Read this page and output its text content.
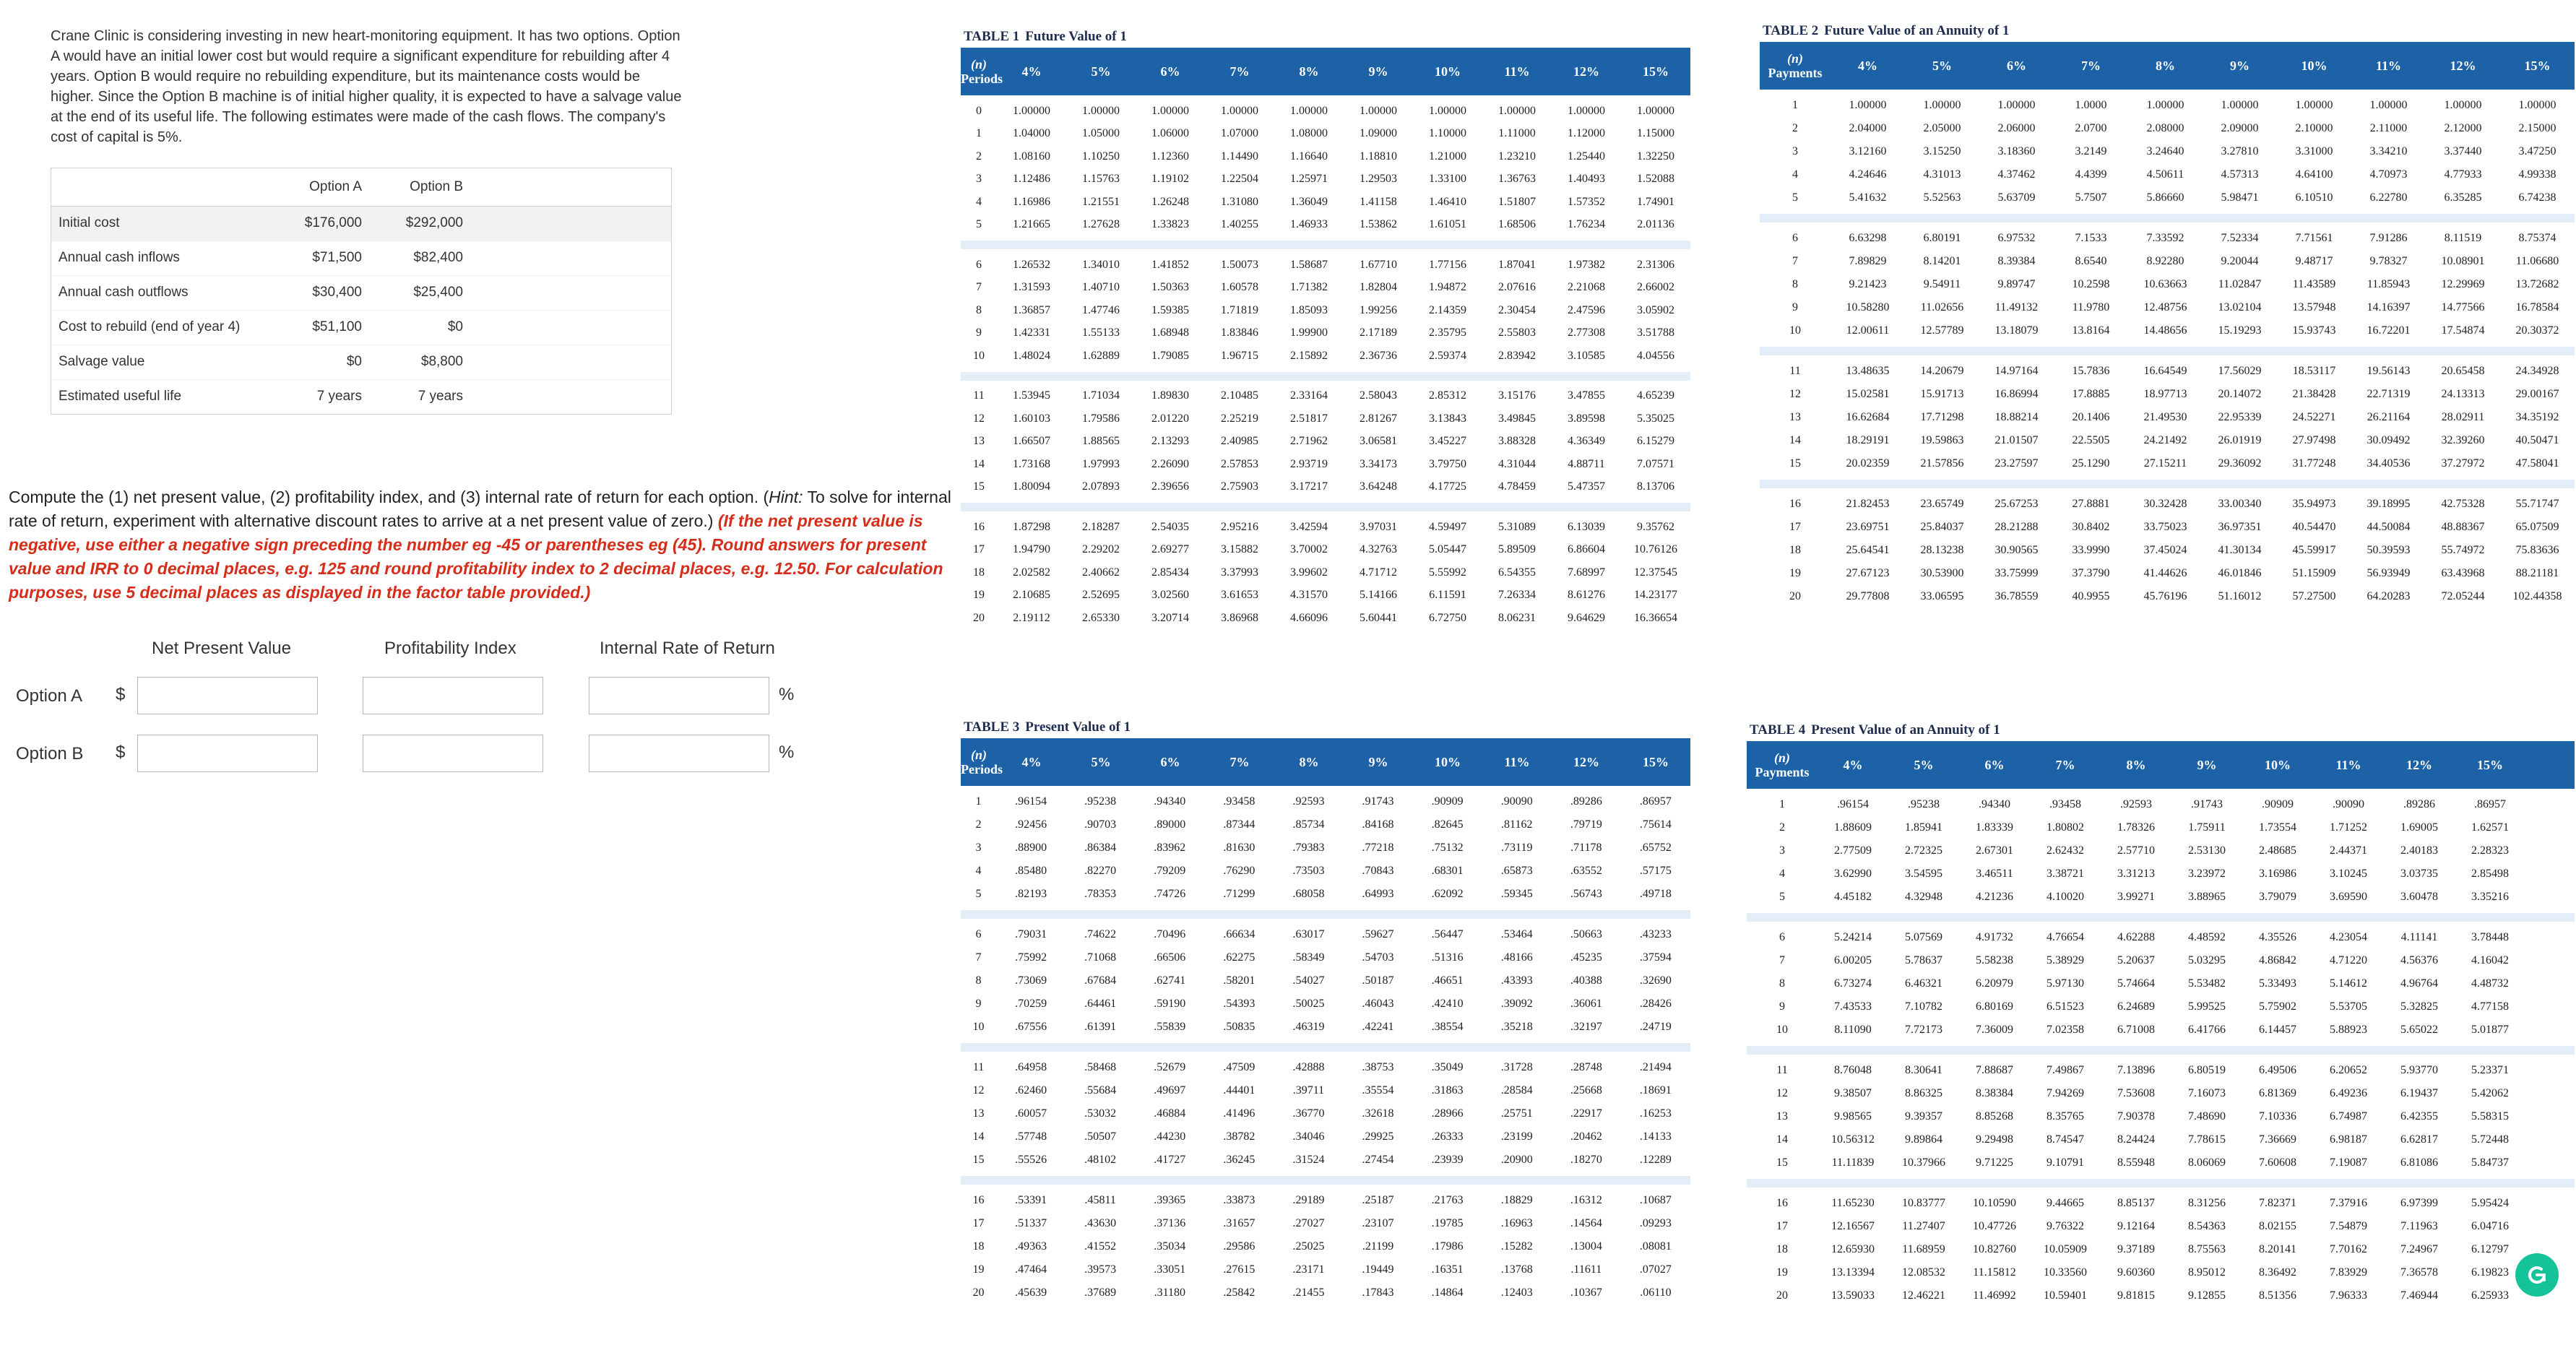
Crane Clinic is considering investing in new heart-monitoring equipment. It has two options. Option A would have an initial lower cost but would require a significant expenditure for rebuilding after 4 years. Option B would require no rebuilding expenditure, but its maintenance costs would be higher. Since the Option B machine is of initial higher quality, it is expected to have a salvage value at the end of its useful life. The following estimates were made of the cash flows. The company's cost of capital is 5%.
	Option A	Option B	
Initial cost	$176,000	$292,000	
Annual cash inflows	$71,500	$82,400	
Annual cash outflows	$30,400	$25,400	
Cost to rebuild (end of year 4)	$51,100	$0	
Salvage value	$0	$8,800	
Estimated useful life	7 years	7 years	
Compute the (1) net present value, (2) profitability index, and (3) internal rate of return for each option. (Hint: To solve for internal rate of return, experiment with alternative discount rates to arrive at a net present value of zero.) (If the net present value is negative, use either a negative sign preceding the number eg -45 or parentheses eg (45). Round answers for present value and IRR to 0 decimal places, e.g. 125 and round profitability index to 2 decimal places, e.g. 12.50. For calculation purposes, use 5 decimal places as displayed in the factor table provided.)
Net Present Value	Profitability Index	Internal Rate of Return
Option A $	%
Option B $	%
TABLE 1 Future Value of 1
(n)
Periods
4%	5%	6%	7%	8%	9%	10%	11%	12%	15%
0	1.00000	1.00000	1.00000	1.00000	1.00000	1.00000	1.00000	1.00000	1.00000	1.00000
1	1.04000	1.05000	1.06000	1.07000	1.08000	1.09000	1.10000	1.11000	1.12000	1.15000
2	1.08160	1.10250	1.12360	1.14490	1.16640	1.18810	1.21000	1.23210	1.25440	1.32250
3	1.12486	1.15763	1.19102	1.22504	1.25971	1.29503	1.33100	1.36763	1.40493	1.52088
4	1.16986	1.21551	1.26248	1.31080	1.36049	1.41158	1.46410	1.51807	1.57352	1.74901
5	1.21665	1.27628	1.33823	1.40255	1.46933	1.53862	1.61051	1.68506	1.76234	2.01136
6	1.26532	1.34010	1.41852	1.50073	1.58687	1.67710	1.77156	1.87041	1.97382	2.31306
7	1.31593	1.40710	1.50363	1.60578	1.71382	1.82804	1.94872	2.07616	2.21068	2.66002
8	1.36857	1.47746	1.59385	1.71819	1.85093	1.99256	2.14359	2.30454	2.47596	3.05902
9	1.42331	1.55133	1.68948	1.83846	1.99900	2.17189	2.35795	2.55803	2.77308	3.51788
10	1.48024	1.62889	1.79085	1.96715	2.15892	2.36736	2.59374	2.83942	3.10585	4.04556
11	1.53945	1.71034	1.89830	2.10485	2.33164	2.58043	2.85312	3.15176	3.47855	4.65239
12	1.60103	1.79586	2.01220	2.25219	2.51817	2.81267	3.13843	3.49845	3.89598	5.35025
13	1.66507	1.88565	2.13293	2.40985	2.71962	3.06581	3.45227	3.88328	4.36349	6.15279
14	1.73168	1.97993	2.26090	2.57853	2.93719	3.34173	3.79750	4.31044	4.88711	7.07571
15	1.80094	2.07893	2.39656	2.75903	3.17217	3.64248	4.17725	4.78459	5.47357	8.13706
16	1.87298	2.18287	2.54035	2.95216	3.42594	3.97031	4.59497	5.31089	6.13039	9.35762
17	1.94790	2.29202	2.69277	3.15882	3.70002	4.32763	5.05447	5.89509	6.86604	10.76126
18	2.02582	2.40662	2.85434	3.37993	3.99602	4.71712	5.55992	6.54355	7.68997	12.37545
19	2.10685	2.52695	3.02560	3.61653	4.31570	5.14166	6.11591	7.26334	8.61276	14.23177
20	2.19112	2.65330	3.20714	3.86968	4.66096	5.60441	6.72750	8.06231	9.64629	16.36654
TABLE 2 Future Value of an Annuity of 1
(n)
Payments
4%	5%	6%	7%	8%	9%	10%	11%	12%	15%
1	1.00000	1.00000	1.00000	1.0000	1.00000	1.00000	1.00000	1.00000	1.00000	1.00000
2	2.04000	2.05000	2.06000	2.0700	2.08000	2.09000	2.10000	2.11000	2.12000	2.15000
3	3.12160	3.15250	3.18360	3.2149	3.24640	3.27810	3.31000	3.34210	3.37440	3.47250
4	4.24646	4.31013	4.37462	4.4399	4.50611	4.57313	4.64100	4.70973	4.77933	4.99338
5	5.41632	5.52563	5.63709	5.7507	5.86660	5.98471	6.10510	6.22780	6.35285	6.74238
6	6.63298	6.80191	6.97532	7.1533	7.33592	7.52334	7.71561	7.91286	8.11519	8.75374
7	7.89829	8.14201	8.39384	8.6540	8.92280	9.20044	9.48717	9.78327	10.08901	11.06680
8	9.21423	9.54911	9.89747	10.2598	10.63663	11.02847	11.43589	11.85943	12.29969	13.72682
9	10.58280	11.02656	11.49132	11.9780	12.48756	13.02104	13.57948	14.16397	14.77566	16.78584
10	12.00611	12.57789	13.18079	13.8164	14.48656	15.19293	15.93743	16.72201	17.54874	20.30372
11	13.48635	14.20679	14.97164	15.7836	16.64549	17.56029	18.53117	19.56143	20.65458	24.34928
12	15.02581	15.91713	16.86994	17.8885	18.97713	20.14072	21.38428	22.71319	24.13313	29.00167
13	16.62684	17.71298	18.88214	20.1406	21.49530	22.95339	24.52271	26.21164	28.02911	34.35192
14	18.29191	19.59863	21.01507	22.5505	24.21492	26.01919	27.97498	30.09492	32.39260	40.50471
15	20.02359	21.57856	23.27597	25.1290	27.15211	29.36092	31.77248	34.40536	37.27972	47.58041
16	21.82453	23.65749	25.67253	27.8881	30.32428	33.00340	35.94973	39.18995	42.75328	55.71747
17	23.69751	25.84037	28.21288	30.8402	33.75023	36.97351	40.54470	44.50084	48.88367	65.07509
18	25.64541	28.13238	30.90565	33.9990	37.45024	41.30134	45.59917	50.39593	55.74972	75.83636
19	27.67123	30.53900	33.75999	37.3790	41.44626	46.01846	51.15909	56.93949	63.43968	88.21181
20	29.77808	33.06595	36.78559	40.9955	45.76196	51.16012	57.27500	64.20283	72.05244	102.44358
TABLE 3 Present Value of 1
(n)
Periods
4%	5%	6%	7%	8%	9%	10%	11%	12%	15%
1	.96154	.95238	.94340	.93458	.92593	.91743	.90909	.90090	.89286	.86957
2	.92456	.90703	.89000	.87344	.85734	.84168	.82645	.81162	.79719	.75614
3	.88900	.86384	.83962	.81630	.79383	.77218	.75132	.73119	.71178	.65752
4	.85480	.82270	.79209	.76290	.73503	.70843	.68301	.65873	.63552	.57175
5	.82193	.78353	.74726	.71299	.68058	.64993	.62092	.59345	.56743	.49718
6	.79031	.74622	.70496	.66634	.63017	.59627	.56447	.53464	.50663	.43233
7	.75992	.71068	.66506	.62275	.58349	.54703	.51316	.48166	.45235	.37594
8	.73069	.67684	.62741	.58201	.54027	.50187	.46651	.43393	.40388	.32690
9	.70259	.64461	.59190	.54393	.50025	.46043	.42410	.39092	.36061	.28426
10	.67556	.61391	.55839	.50835	.46319	.42241	.38554	.35218	.32197	.24719
11	.64958	.58468	.52679	.47509	.42888	.38753	.35049	.31728	.28748	.21494
12	.62460	.55684	.49697	.44401	.39711	.35554	.31863	.28584	.25668	.18691
13	.60057	.53032	.46884	.41496	.36770	.32618	.28966	.25751	.22917	.16253
14	.57748	.50507	.44230	.38782	.34046	.29925	.26333	.23199	.20462	.14133
15	.55526	.48102	.41727	.36245	.31524	.27454	.23939	.20900	.18270	.12289
16	.53391	.45811	.39365	.33873	.29189	.25187	.21763	.18829	.16312	.10687
17	.51337	.43630	.37136	.31657	.27027	.23107	.19785	.16963	.14564	.09293
18	.49363	.41552	.35034	.29586	.25025	.21199	.17986	.15282	.13004	.08081
19	.47464	.39573	.33051	.27615	.23171	.19449	.16351	.13768	.11611	.07027
20	.45639	.37689	.31180	.25842	.21455	.17843	.14864	.12403	.10367	.06110
TABLE 4 Present Value of an Annuity of 1
(n)
Payments
4%	5%	6%	7%	8%	9%	10%	11%	12%	15%
1	.96154	.95238	.94340	.93458	.92593	.91743	.90909	.90090	.89286	.86957
2	1.88609	1.85941	1.83339	1.80802	1.78326	1.75911	1.73554	1.71252	1.69005	1.62571
3	2.77509	2.72325	2.67301	2.62432	2.57710	2.53130	2.48685	2.44371	2.40183	2.28323
4	3.62990	3.54595	3.46511	3.38721	3.31213	3.23972	3.16986	3.10245	3.03735	2.85498
5	4.45182	4.32948	4.21236	4.10020	3.99271	3.88965	3.79079	3.69590	3.60478	3.35216
6	5.24214	5.07569	4.91732	4.76654	4.62288	4.48592	4.35526	4.23054	4.11141	3.78448
7	6.00205	5.78637	5.58238	5.38929	5.20637	5.03295	4.86842	4.71220	4.56376	4.16042
8	6.73274	6.46321	6.20979	5.97130	5.74664	5.53482	5.33493	5.14612	4.96764	4.48732
9	7.43533	7.10782	6.80169	6.51523	6.24689	5.99525	5.75902	5.53705	5.32825	4.77158
10	8.11090	7.72173	7.36009	7.02358	6.71008	6.41766	6.14457	5.88923	5.65022	5.01877
11	8.76048	8.30641	7.88687	7.49867	7.13896	6.80519	6.49506	6.20652	5.93770	5.23371
12	9.38507	8.86325	8.38384	7.94269	7.53608	7.16073	6.81369	6.49236	6.19437	5.42062
13	9.98565	9.39357	8.85268	8.35765	7.90378	7.48690	7.10336	6.74987	6.42355	5.58315
14	10.56312	9.89864	9.29498	8.74547	8.24424	7.78615	7.36669	6.98187	6.62817	5.72448
15	11.11839	10.37966	9.71225	9.10791	8.55948	8.06069	7.60608	7.19087	6.81086	5.84737
16	11.65230	10.83777	10.10590	9.44665	8.85137	8.31256	7.82371	7.37916	6.97399	5.95424
17	12.16567	11.27407	10.47726	9.76322	9.12164	8.54363	8.02155	7.54879	7.11963	6.04716
18	12.65930	11.68959	10.82760	10.05909	9.37189	8.75563	8.20141	7.70162	7.24967	6.12797
19	13.13394	12.08532	11.15812	10.33560	9.60360	8.95012	8.36492	7.83929	7.36578	6.19823
20	13.59033	12.46221	11.46992	10.59401	9.81815	9.12855	8.51356	7.96333	7.46944	6.25933
